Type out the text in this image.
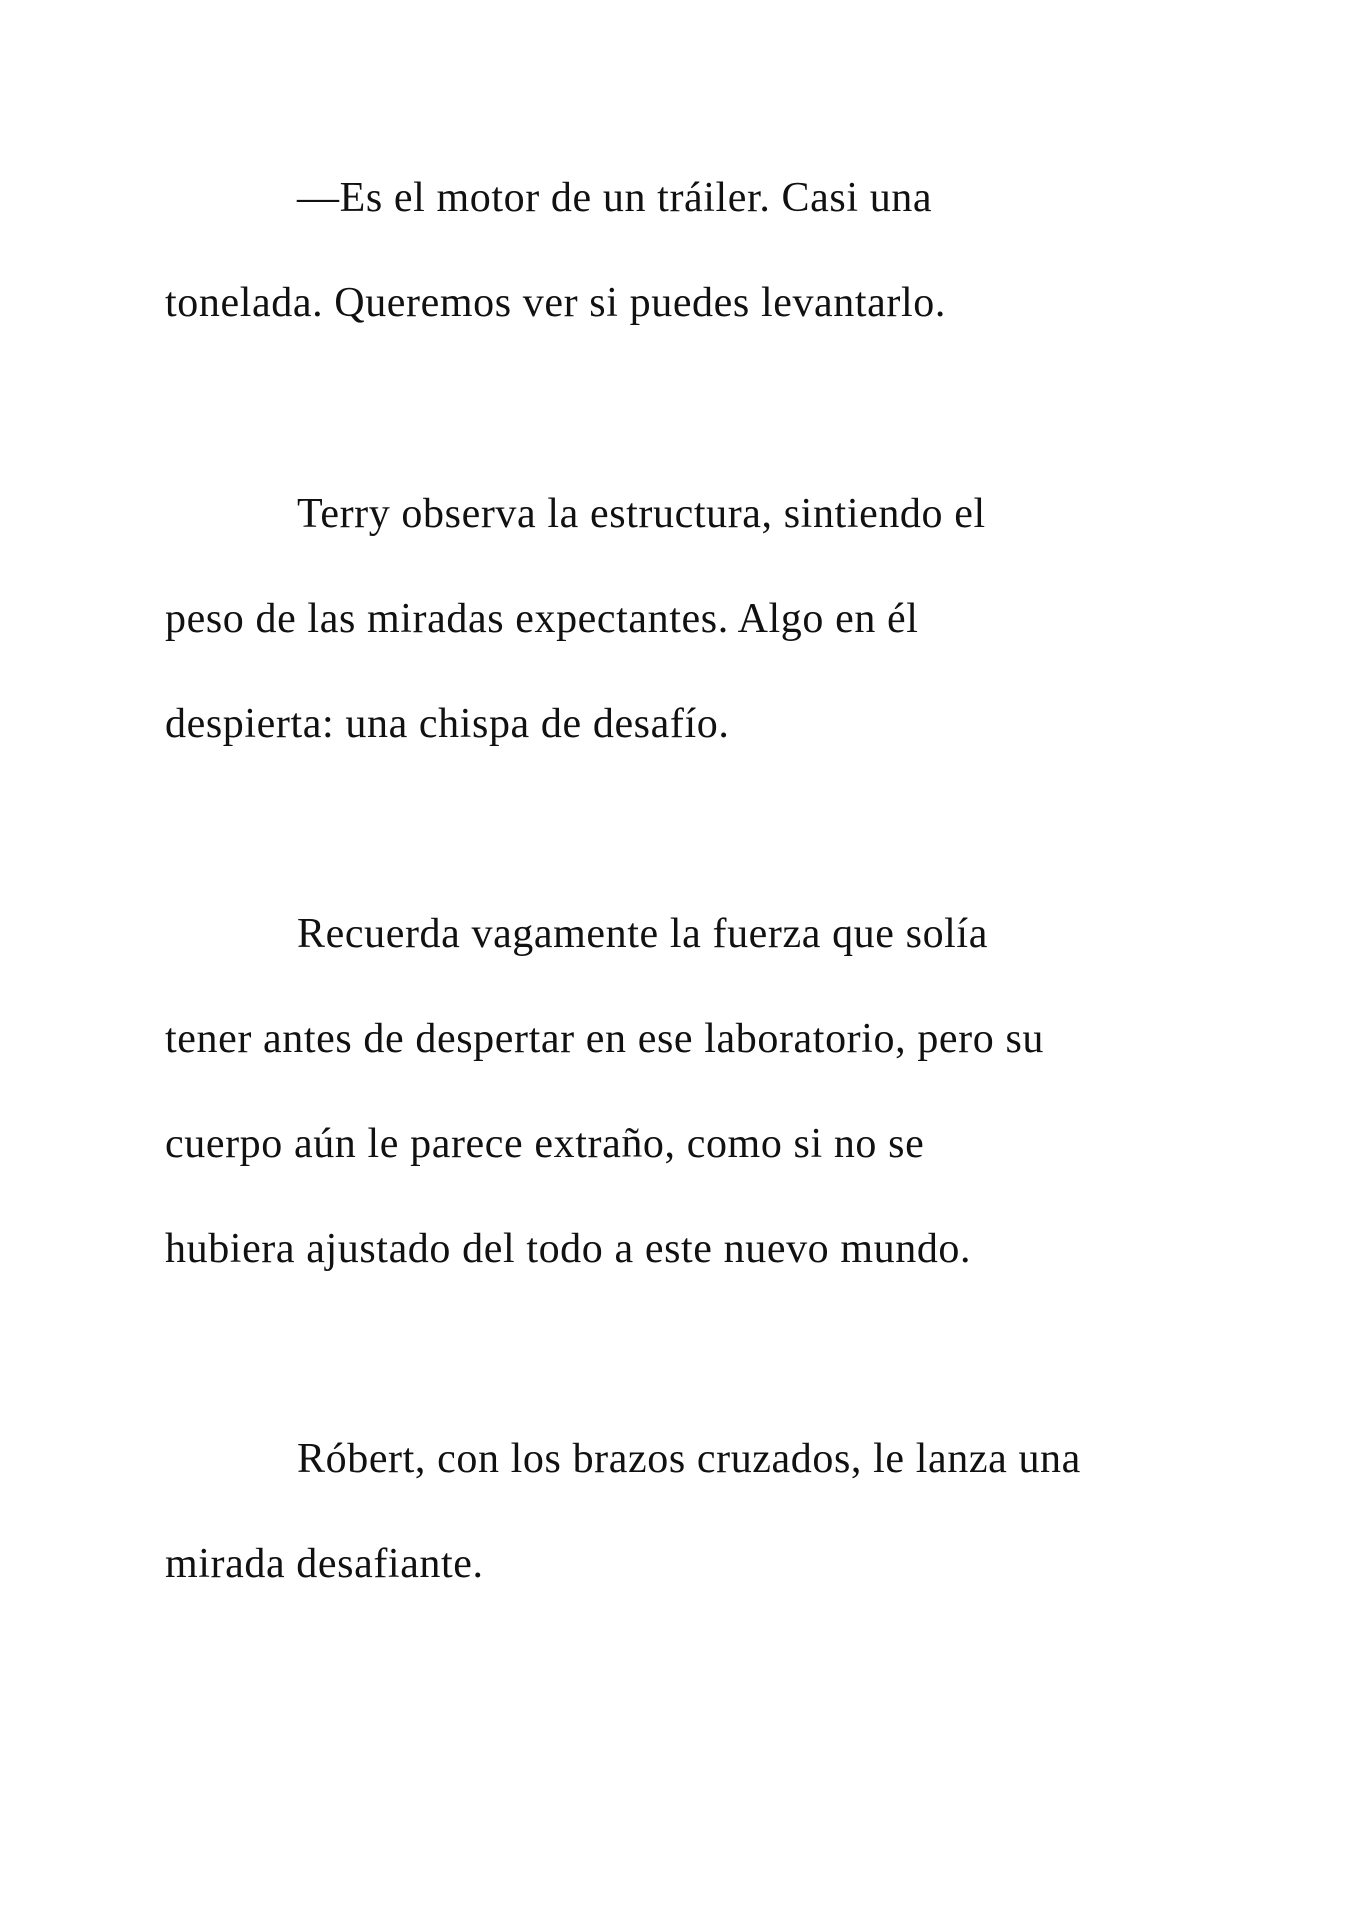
—Es el motor de un tráiler. Casi una

tonelada. Queremos ver si puedes levantarlo.

Terry observa la estructura, sintiendo el

peso de las miradas expectantes. Algo en él

despierta: una chispa de desafío.

Recuerda vagamente la fuerza que solía

tener antes de despertar en ese laboratorio, pero su

cuerpo aún le parece extraño, como si no se

hubiera ajustado del todo a este nuevo mundo.

Róbert, con los brazos cruzados, le lanza una

mirada desafiante.
